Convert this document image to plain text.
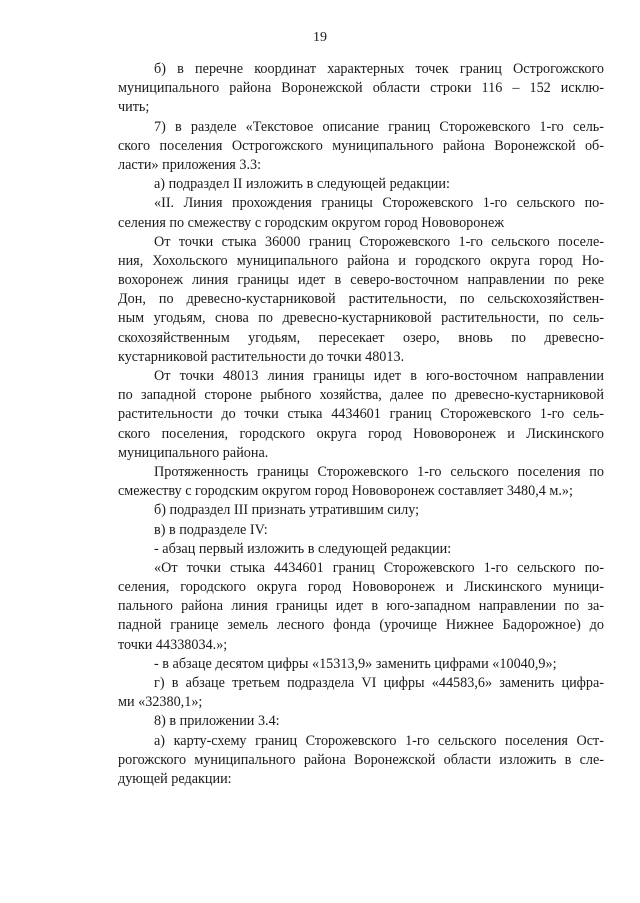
19
б) в перечне координат характерных точек границ Острогожского
муниципального района Воронежской области строки 116 – 152 исклю-
чить;
7) в разделе «Текстовое описание границ Сторожевского 1-го сель-
ского поселения Острогожского муниципального района Воронежской об-
ласти» приложения 3.3:
а) подраздел II изложить в следующей редакции:
«II. Линия прохождения границы Сторожевского 1-го сельского по-
селения по смежеству с городским округом город Нововоронеж
От точки стыка 36000 границ Сторожевского 1-го сельского поселе-
ния, Хохольского муниципального района и городского округа город Но-
вохоронеж линия границы идет в северо-восточном направлении по реке
Дон, по древесно-кустарниковой растительности, по сельскохозяйствен-
ным угодьям, снова по древесно-кустарниковой растительности, по сель-
скохозяйственным угодьям, пересекает озеро, вновь по древесно-
кустарниковой растительности до точки 48013.
От точки 48013 линия границы идет в юго-восточном направлении
по западной стороне рыбного хозяйства, далее по древесно-кустарниковой
растительности до точки стыка 4434601 границ Сторожевского 1-го сель-
ского поселения, городского округа город Нововоронеж и Лискинского
муниципального района.
Протяженность границы Сторожевского 1-го сельского поселения по
смежеству с городским округом город Нововоронеж составляет 3480,4 м.»;
б) подраздел III признать утратившим силу;
в) в подразделе IV:
- абзац первый изложить в следующей редакции:
«От точки стыка 4434601 границ Сторожевского 1-го сельского по-
селения, городского округа город Нововоронеж и Лискинского муници-
пального района линия границы идет в юго-западном направлении по за-
падной границе земель лесного фонда (урочище Нижнее Бадорожное) до
точки 44338034.»;
- в абзаце десятом цифры «15313,9» заменить цифрами «10040,9»;
г) в абзаце третьем подраздела VI цифры «44583,6» заменить цифра-
ми «32380,1»;
8) в приложении 3.4:
а) карту-схему границ Сторожевского 1-го сельского поселения Ост-
рогожского муниципального района Воронежской области изложить в сле-
дующей редакции:
